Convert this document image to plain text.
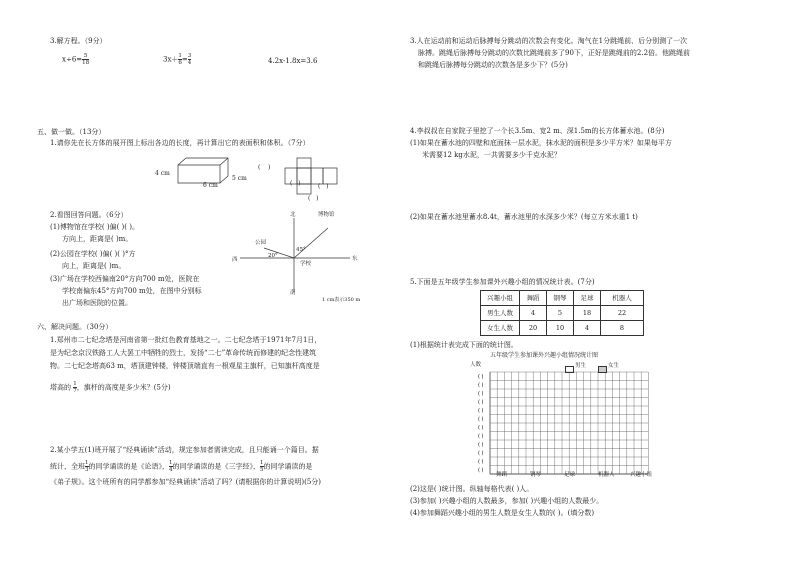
3.解方程。（9分）
$x\div 6= \frac{5}{18}$	$3x+ \frac{1}{6} = \frac{3}{4}$	4.2x-1.8x=3.6
五、做一做。（13分）
1.请你先在长方体的展开图上标出各边的长度，再计算出它的表面积和体积。（7分）
4 cm
6 cm
5 cm
(    )
(   )	(   )
(   )
2.看图回答问题。（6分）
(1)博物馆在学校( )偏( )( )。
方向上，距离是( )m。
(2)公园在学校( )偏( )( )°方
向上，距离是( )m。
(3)广场在学校西偏南20°方向700 m处，医院在
学校南偏东45°方向700 m处，在图中分别标
出广场和医院的位置。
北	博物馆
公园
45°
20°
西
学校
东
南
1 cm表示350 m
六、解决问题。（30分）
1.郑州市二七纪念塔是河南省第一批红色教育基地之一。二七纪念塔于1971年7月1日，
是为纪念京汉铁路工人大罢工中牺牲的烈士，发扬“二七”革命传统而修建的纪念性建筑
物。二七纪念塔高63 m，塔顶建钟楼，钟楼顶端直有一根观星主旗杆，已知旗杆高度是
塔高的 $\frac{1}{7}$ ，旗杆的高度是多少米？(5分)
2.某小学五(1)班开展了“经典诵读”活动，规定参加者需读完成，且只能诵一个篇目。据
统计，全班 $\frac{1}{3}$ 的同学诵读的是《论语》， $\frac{1}{4}$ 的同学诵读的是《三字经》， $\frac{1}{5}$ 的同学诵读的是
《弟子规》。这个班所有的同学都参加“经典诵读”活动了吗？(请根据你的计算说明)(5分)
3.人在运动前和运动后脉搏每分跳动的次数会有变化。淘气在1分跳绳前、后分别测了一次
脉搏。跳绳后脉搏每分跳动的次数比跳绳前多了90下，正好是跳绳前的2.2倍。他跳绳前
和跳绳后脉搏每分跳动的次数各是多少下？(5分)
4.李叔叔在自家院子里挖了一个长3.5m、宽2 m、深1.5m的长方体蓄水池。(8分)
(1)如果在蓄水池的四壁和底面抹一层水泥，抹水泥的面积是多少平方米？如果每平方
米需要12 kg水泥，一共需要多少千克水泥？
(2)如果在蓄水池里蓄水8.4t，蓄水池里的水深多少米？(每立方米水重1 t)
5.下面是五年级学生参加课外兴趣小组的情况统计表。(7分)
兴趣小组	舞蹈	钢琴	足球	机器人
男生人数	4	5	18	22
女生人数	20	10	4	8
(1)根据统计表完成下面的统计图。
五年级学生参加课外兴趣小组情况统计图
( )
( )
( )
( )
( )
( )
( )
( )
( )
( )
( )
( )
人数	男生	女生
舞蹈	钢琴	足球	机器人	兴趣小组
(2)这是( )统计图。纵轴每格代表( )人。
(3)参加( )兴趣小组的人数最多，参加( )兴趣小组的人数最少。
(4)参加舞蹈兴趣小组的男生人数是女生人数的( )。(填分数)
